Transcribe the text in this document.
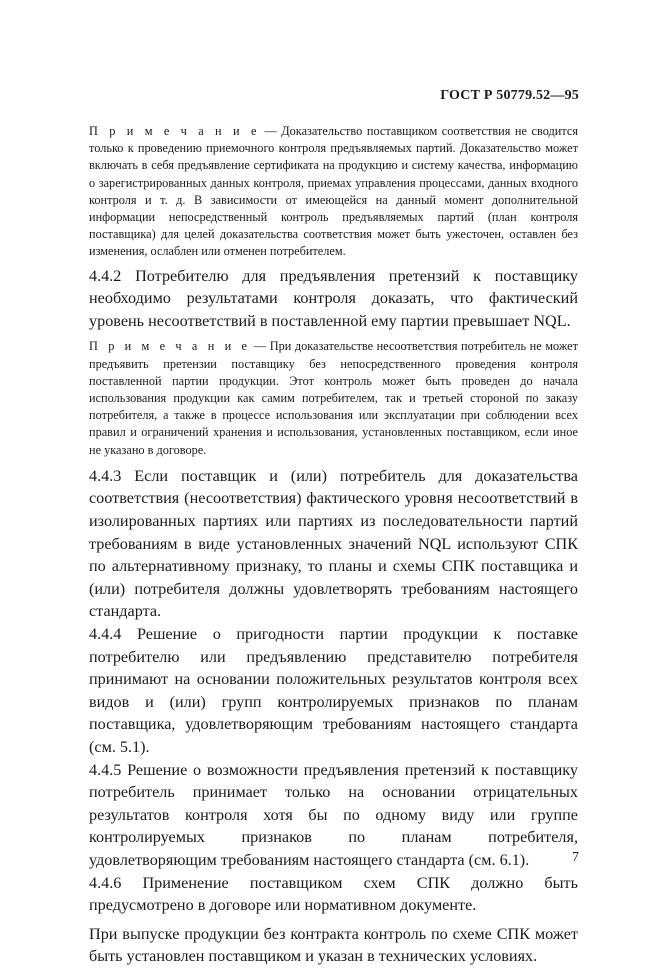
ГОСТ Р 50779.52—95

П р и м е ч а н и е — Доказательство поставщиком соответствия не сводится только к проведению приемочного контроля предъявляемых партий. Доказательство может включать в себя предъявление сертификата на продукцию и систему качества, информацию о зарегистрированных данных контроля, приемах управления процессами, данных входного контроля и т. д. В зависимости от имеющейся на данный момент дополнительной информации непосредственный контроль предъявляемых партий (план контроля поставщика) для целей доказательства соответствия может быть ужесточен, оставлен без изменения, ослаблен или отменен потребителем.

4.4.2 Потребителю для предъявления претензий к поставщику необходимо результатами контроля доказать, что фактический уровень несоответствий в поставленной ему партии превышает NQL.

П р и м е ч а н и е — При доказательстве несоответствия потребитель не может предъявить претензии поставщику без непосредственного проведения контроля поставленной партии продукции. Этот контроль может быть проведен до начала использования продукции как самим потребителем, так и третьей стороной по заказу потребителя, а также в процессе использования или эксплуатации при соблюдении всех правил и ограничений хранения и использования, установленных поставщиком, если иное не указано в договоре.

4.4.3 Если поставщик и (или) потребитель для доказательства соответствия (несоответствия) фактического уровня несоответствий в изолированных партиях или партиях из последовательности партий требованиям в виде установленных значений NQL используют СПК по альтернативному признаку, то планы и схемы СПК поставщика и (или) потребителя должны удовлетворять требованиям настоящего стандарта.

4.4.4 Решение о пригодности партии продукции к поставке потребителю или предъявлению представителю потребителя принимают на основании положительных результатов контроля всех видов и (или) групп контролируемых признаков по планам поставщика, удовлетворяющим требованиям настоящего стандарта (см. 5.1).

4.4.5 Решение о возможности предъявления претензий к поставщику потребитель принимает только на основании отрицательных результатов контроля хотя бы по одному виду или группе контролируемых признаков по планам потребителя, удовлетворяющим требованиям настоящего стандарта (см. 6.1).

4.4.6 Применение поставщиком схем СПК должно быть предусмотрено в договоре или нормативном документе.

При выпуске продукции без контракта контроль по схеме СПК может быть установлен поставщиком и указан в технических условиях.

7
